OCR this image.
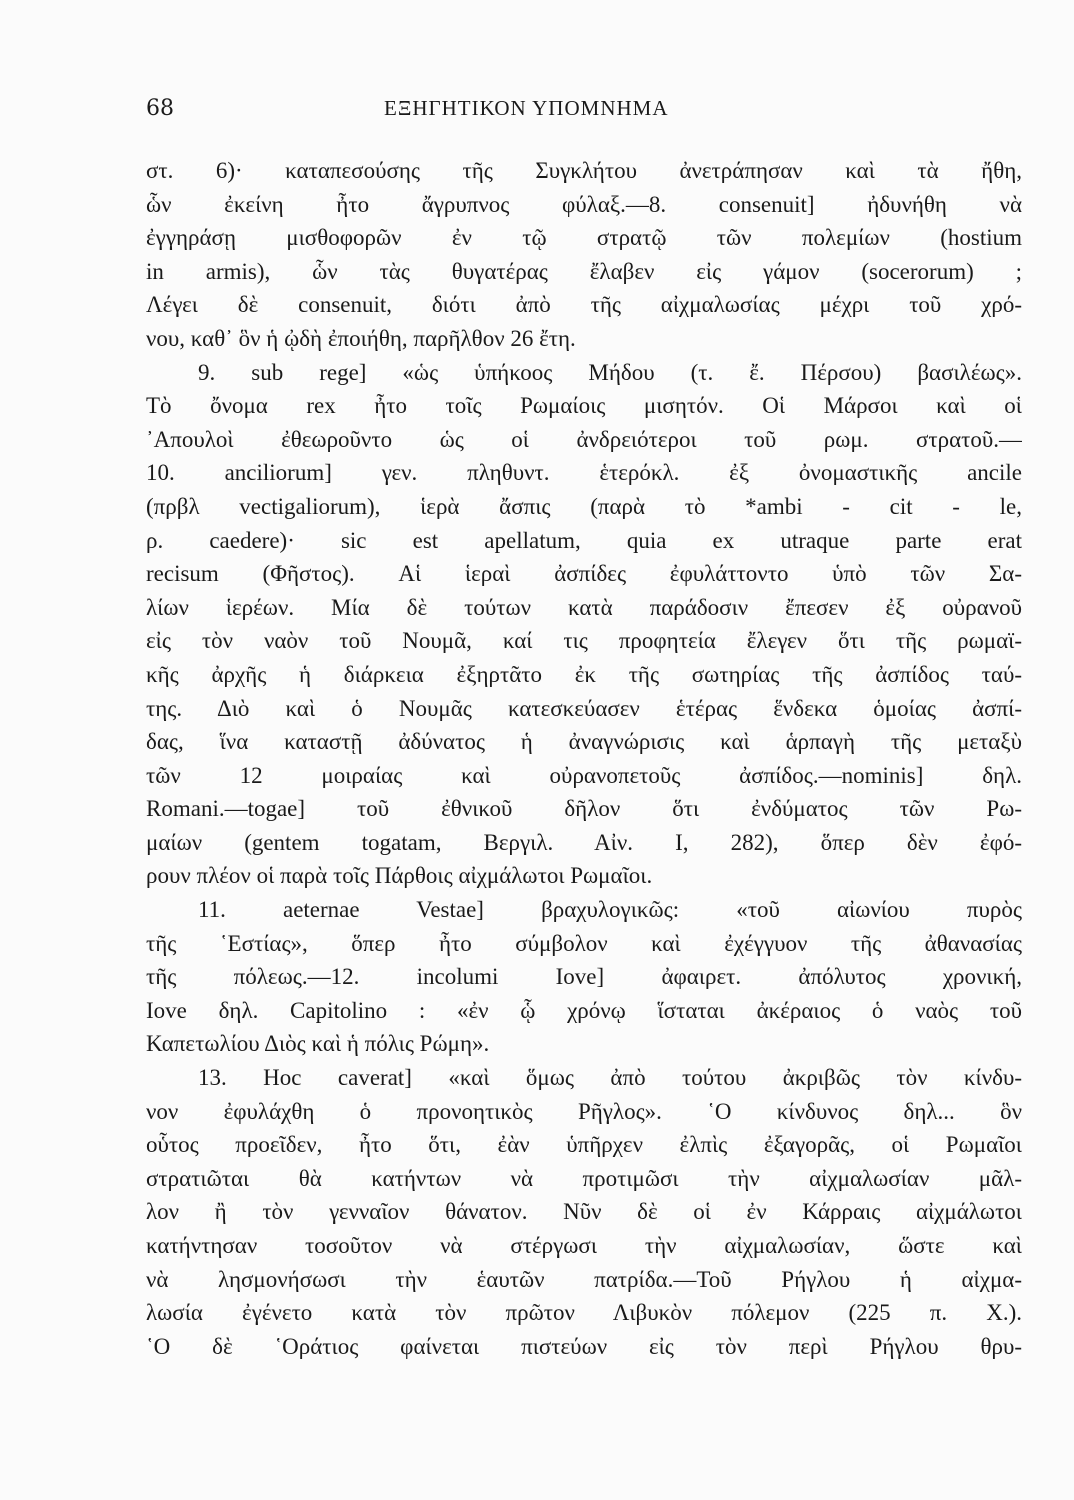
68	ΕΞΗΓΗΤΙΚΟΝ ΥΠΟΜΝΗΜΑ
στ. 6)· καταπεσούσης τῆς Συγκλήτου ἀνετράπησαν καὶ τὰ ἤθη,
ὧν ἐκείνη ἦτο ἄγρυπνος φύλαξ.—8. consenuit] ἠδυνήθη νὰ
ἐγγηράσῃ μισθοφορῶν ἐν τῷ στρατῷ τῶν πολεμίων (hostium
in armis), ὧν τὰς θυγατέρας ἔλαβεν εἰς γάμον (socerorum) ;
Λέγει δὲ consenuit, διότι ἀπὸ τῆς αἰχμαλωσίας μέχρι τοῦ χρό-
νου, καθ᾿ ὃν ἡ ᾠδὴ ἐποιήθη, παρῆλθον 26 ἔτη.
9. sub rege] «ὡς ὑπήκοος Μήδου (τ. ἔ. Πέρσου) βασιλέως».
Τὸ ὄνομα rex ἦτο τοῖς Ρωμαίοις μισητόν. Οἱ Μάρσοι καὶ οἱ
᾿Απουλοὶ ἐθεωροῦντο ὡς οἱ ἀνδρειότεροι τοῦ ρωμ. στρατοῦ.—
10. anciliorum] γεν. πληθυντ. ἑτερόκλ. ἐξ ὀνομαστικῆς ancile
(πρβλ vectigaliorum), ἱερὰ ἄσπις (παρὰ τὸ *ambi - cit - le,
ρ. caedere)· sic est apellatum, quia ex utraque parte erat
recisum (Φῆστος). Αἱ ἱεραὶ ἀσπίδες ἐφυλάττοντο ὑπὸ τῶν Σα-
λίων ἱερέων. Μία δὲ τούτων κατὰ παράδοσιν ἔπεσεν ἐξ οὐρανοῦ
εἰς τὸν ναὸν τοῦ Νουμᾶ, καί τις προφητεία ἔλεγεν ὅτι τῆς ρωμαϊ-
κῆς ἀρχῆς ἡ διάρκεια ἐξηρτᾶτο ἐκ τῆς σωτηρίας τῆς ἀσπίδος ταύ-
της. Διὸ καὶ ὁ Νουμᾶς κατεσκεύασεν ἑτέρας ἕνδεκα ὁμοίας ἀσπί-
δας, ἵνα καταστῇ ἀδύνατος ἡ ἀναγνώρισις καὶ ἁρπαγὴ τῆς μεταξὺ
τῶν 12 μοιραίας καὶ οὐρανοπετοῦς ἀσπίδος.—nominis] δηλ.
Romani.—togae] τοῦ ἐθνικοῦ δῆλον ὅτι ἐνδύματος τῶν Ρω-
μαίων (gentem togatam, Βεργιλ. Αἰν. I, 282), ὅπερ δὲν ἐφό-
ρουν πλέον οἱ παρὰ τοῖς Πάρθοις αἰχμάλωτοι Ρωμαῖοι.
11. aeternae Vestae] βραχυλογικῶς: «τοῦ αἰωνίου πυρὸς
τῆς ῾Εστίας», ὅπερ ἦτο σύμβολον καὶ ἐχέγγυον τῆς ἀθανασίας
τῆς πόλεως.—12. incolumi Iove] ἀφαιρετ. ἀπόλυτος χρονική,
Iove δηλ. Capitolino : «ἐν ᾧ χρόνῳ ἵσταται ἀκέραιος ὁ ναὸς τοῦ
Καπετωλίου Διὸς καὶ ἡ πόλις Ρώμη».
13. Hoc caverat] «καὶ ὅμως ἀπὸ τούτου ἀκριβῶς τὸν κίνδυ-
νον ἐφυλάχθη ὁ προνοητικὸς Ρῆγλος». ῾Ο κίνδυνος δηλ... ὃν
οὗτος προεῖδεν, ἦτο ὅτι, ἐὰν ὑπῆρχεν ἐλπὶς ἐξαγορᾶς, οἱ Ρωμαῖοι
στρατιῶται θὰ κατήντων νὰ προτιμῶσι τὴν αἰχμαλωσίαν μᾶλ-
λον ἢ τὸν γενναῖον θάνατον. Νῦν δὲ οἱ ἐν Κάρραις αἰχμάλωτοι
κατήντησαν τοσοῦτον νὰ στέργωσι τὴν αἰχμαλωσίαν, ὥστε καὶ
νὰ λησμονήσωσι τὴν ἑαυτῶν πατρίδα.—Τοῦ Ρήγλου ἡ αἰχμα-
λωσία ἐγένετο κατὰ τὸν πρῶτον Λιβυκὸν πόλεμον (225 π. Χ.).
῾Ο δὲ ῾Οράτιος φαίνεται πιστεύων εἰς τὸν περὶ Ρήγλου θρυ-
